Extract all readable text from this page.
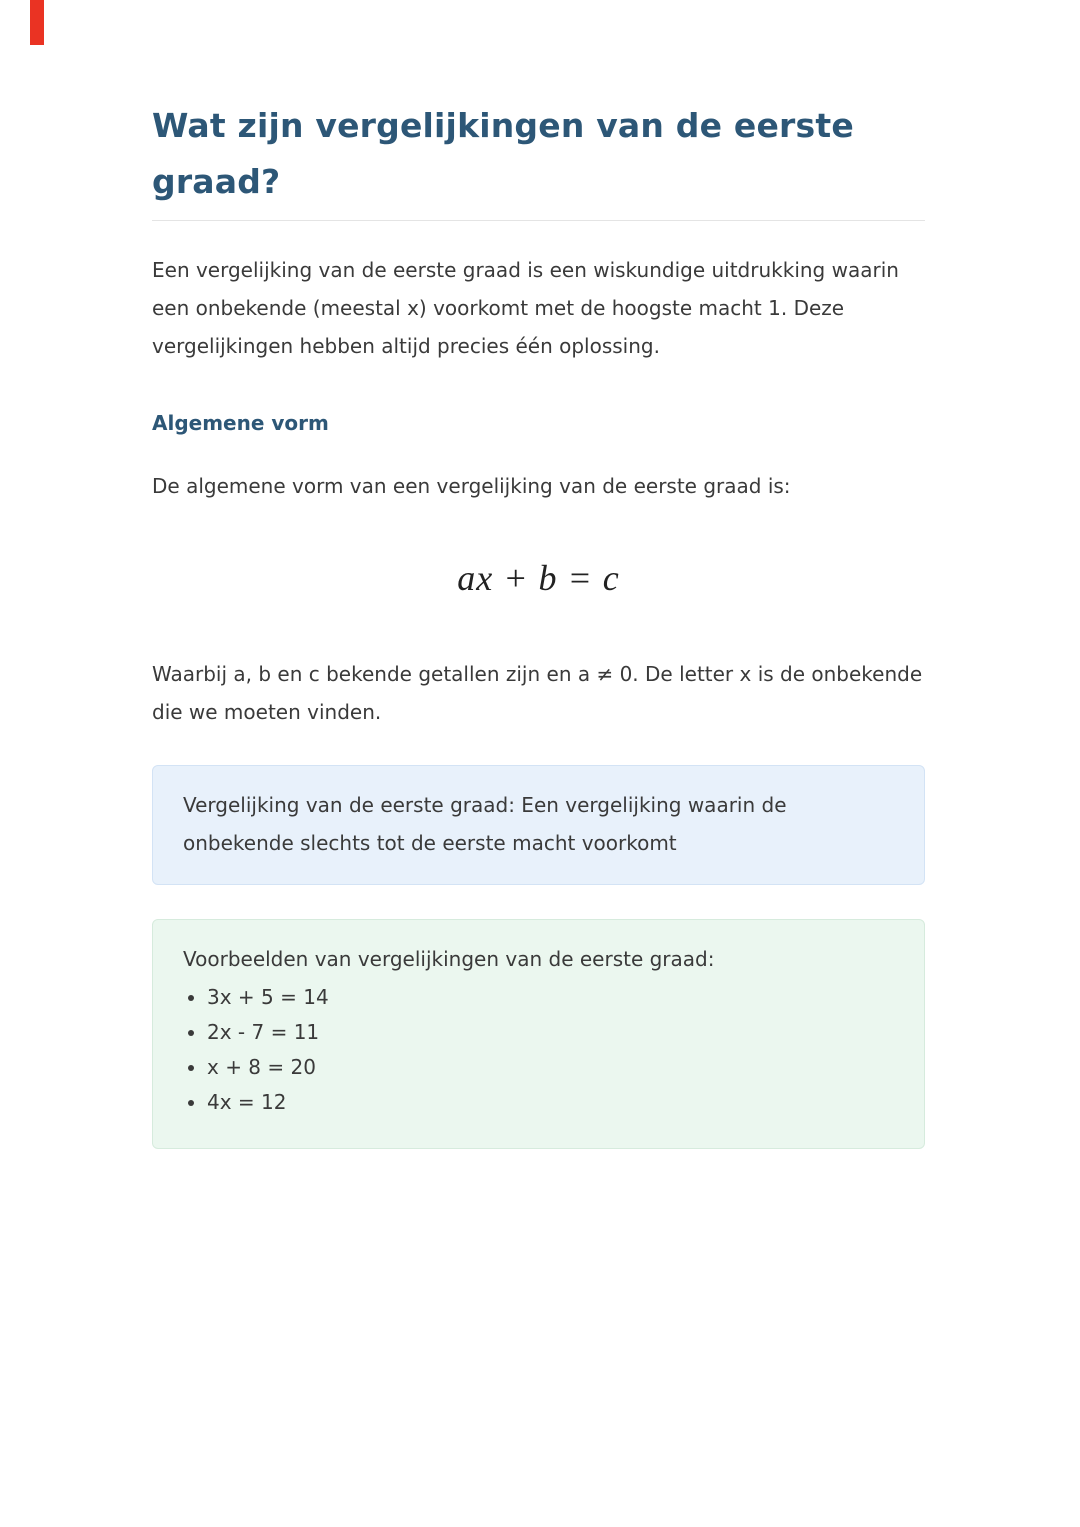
Wat zijn vergelijkingen van de eerste graad?

Een vergelijking van de eerste graad is een wiskundige uitdrukking waarin een onbekende (meestal x) voorkomt met de hoogste macht 1. Deze vergelijkingen hebben altijd precies één oplossing.

Algemene vorm

De algemene vorm van een vergelijking van de eerste graad is:

ax + b = c

Waarbij a, b en c bekende getallen zijn en a ≠ 0. De letter x is de onbekende die we moeten vinden.

Vergelijking van de eerste graad: Een vergelijking waarin de onbekende slechts tot de eerste macht voorkomt
Voorbeelden van vergelijkingen van de eerste graad:
• 3x + 5 = 14
• 2x - 7 = 11
• x + 8 = 20
• 4x = 12
